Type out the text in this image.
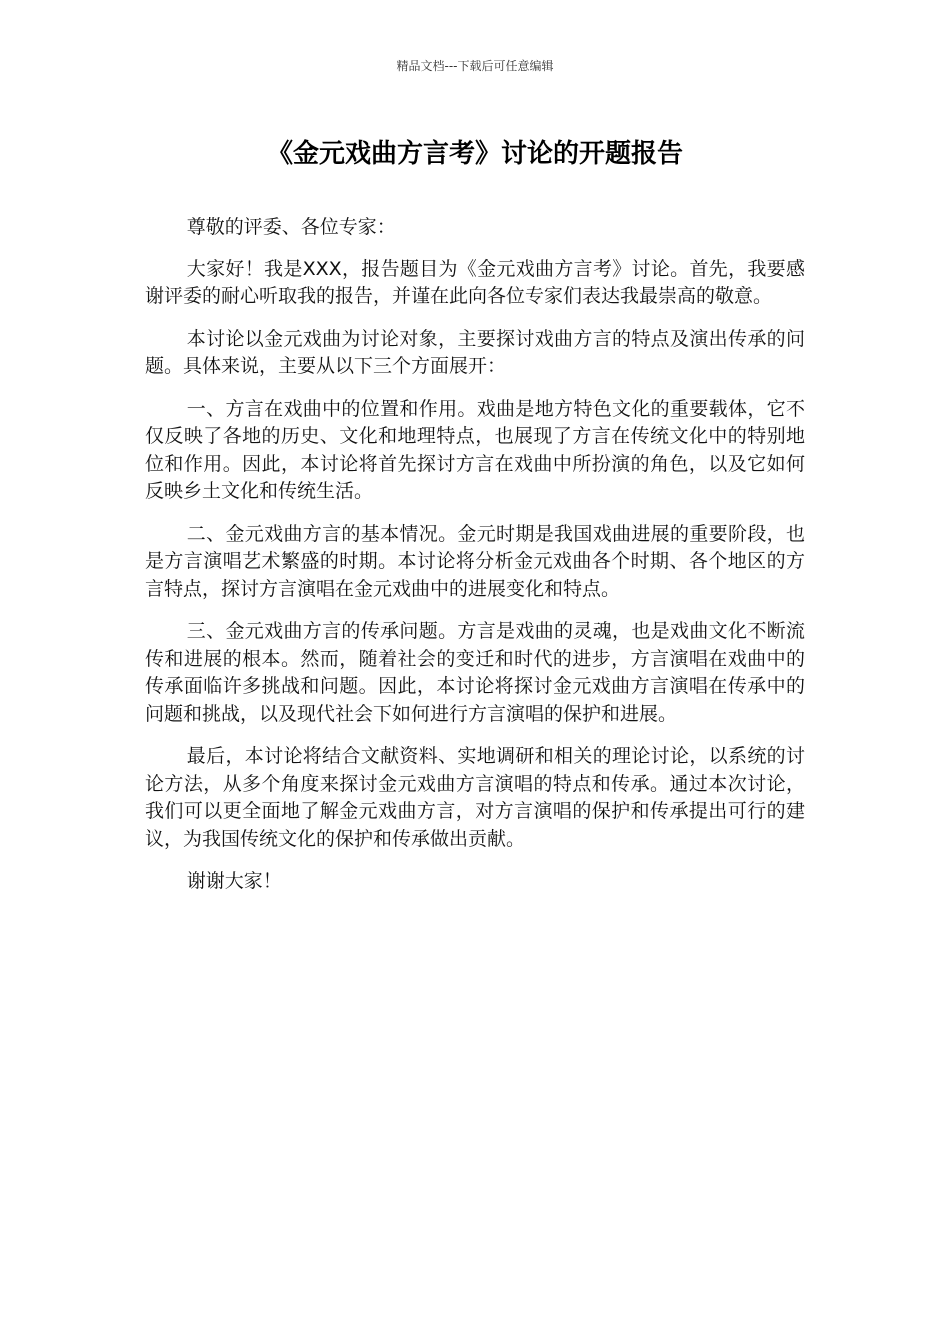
精品文档---下载后可任意编辑
《金元戏曲方言考》讨论的开题报告

尊敬的评委、各位专家：

大家好！我是XXX，报告题目为《金元戏曲方言考》讨论。首先，我要感谢评委的耐心听取我的报告，并谨在此向各位专家们表达我最崇高的敬意。

本讨论以金元戏曲为讨论对象，主要探讨戏曲方言的特点及演出传承的问题。具体来说，主要从以下三个方面展开：

一、方言在戏曲中的位置和作用。戏曲是地方特色文化的重要载体，它不仅反映了各地的历史、文化和地理特点，也展现了方言在传统文化中的特别地位和作用。因此，本讨论将首先探讨方言在戏曲中所扮演的角色，以及它如何反映乡土文化和传统生活。

二、金元戏曲方言的基本情况。金元时期是我国戏曲进展的重要阶段，也是方言演唱艺术繁盛的时期。本讨论将分析金元戏曲各个时期、各个地区的方言特点，探讨方言演唱在金元戏曲中的进展变化和特点。

三、金元戏曲方言的传承问题。方言是戏曲的灵魂，也是戏曲文化不断流传和进展的根本。然而，随着社会的变迁和时代的进步，方言演唱在戏曲中的传承面临许多挑战和问题。因此，本讨论将探讨金元戏曲方言演唱在传承中的问题和挑战，以及现代社会下如何进行方言演唱的保护和进展。

最后，本讨论将结合文献资料、实地调研和相关的理论讨论，以系统的讨论方法，从多个角度来探讨金元戏曲方言演唱的特点和传承。通过本次讨论，我们可以更全面地了解金元戏曲方言，对方言演唱的保护和传承提出可行的建议，为我国传统文化的保护和传承做出贡献。

谢谢大家！
